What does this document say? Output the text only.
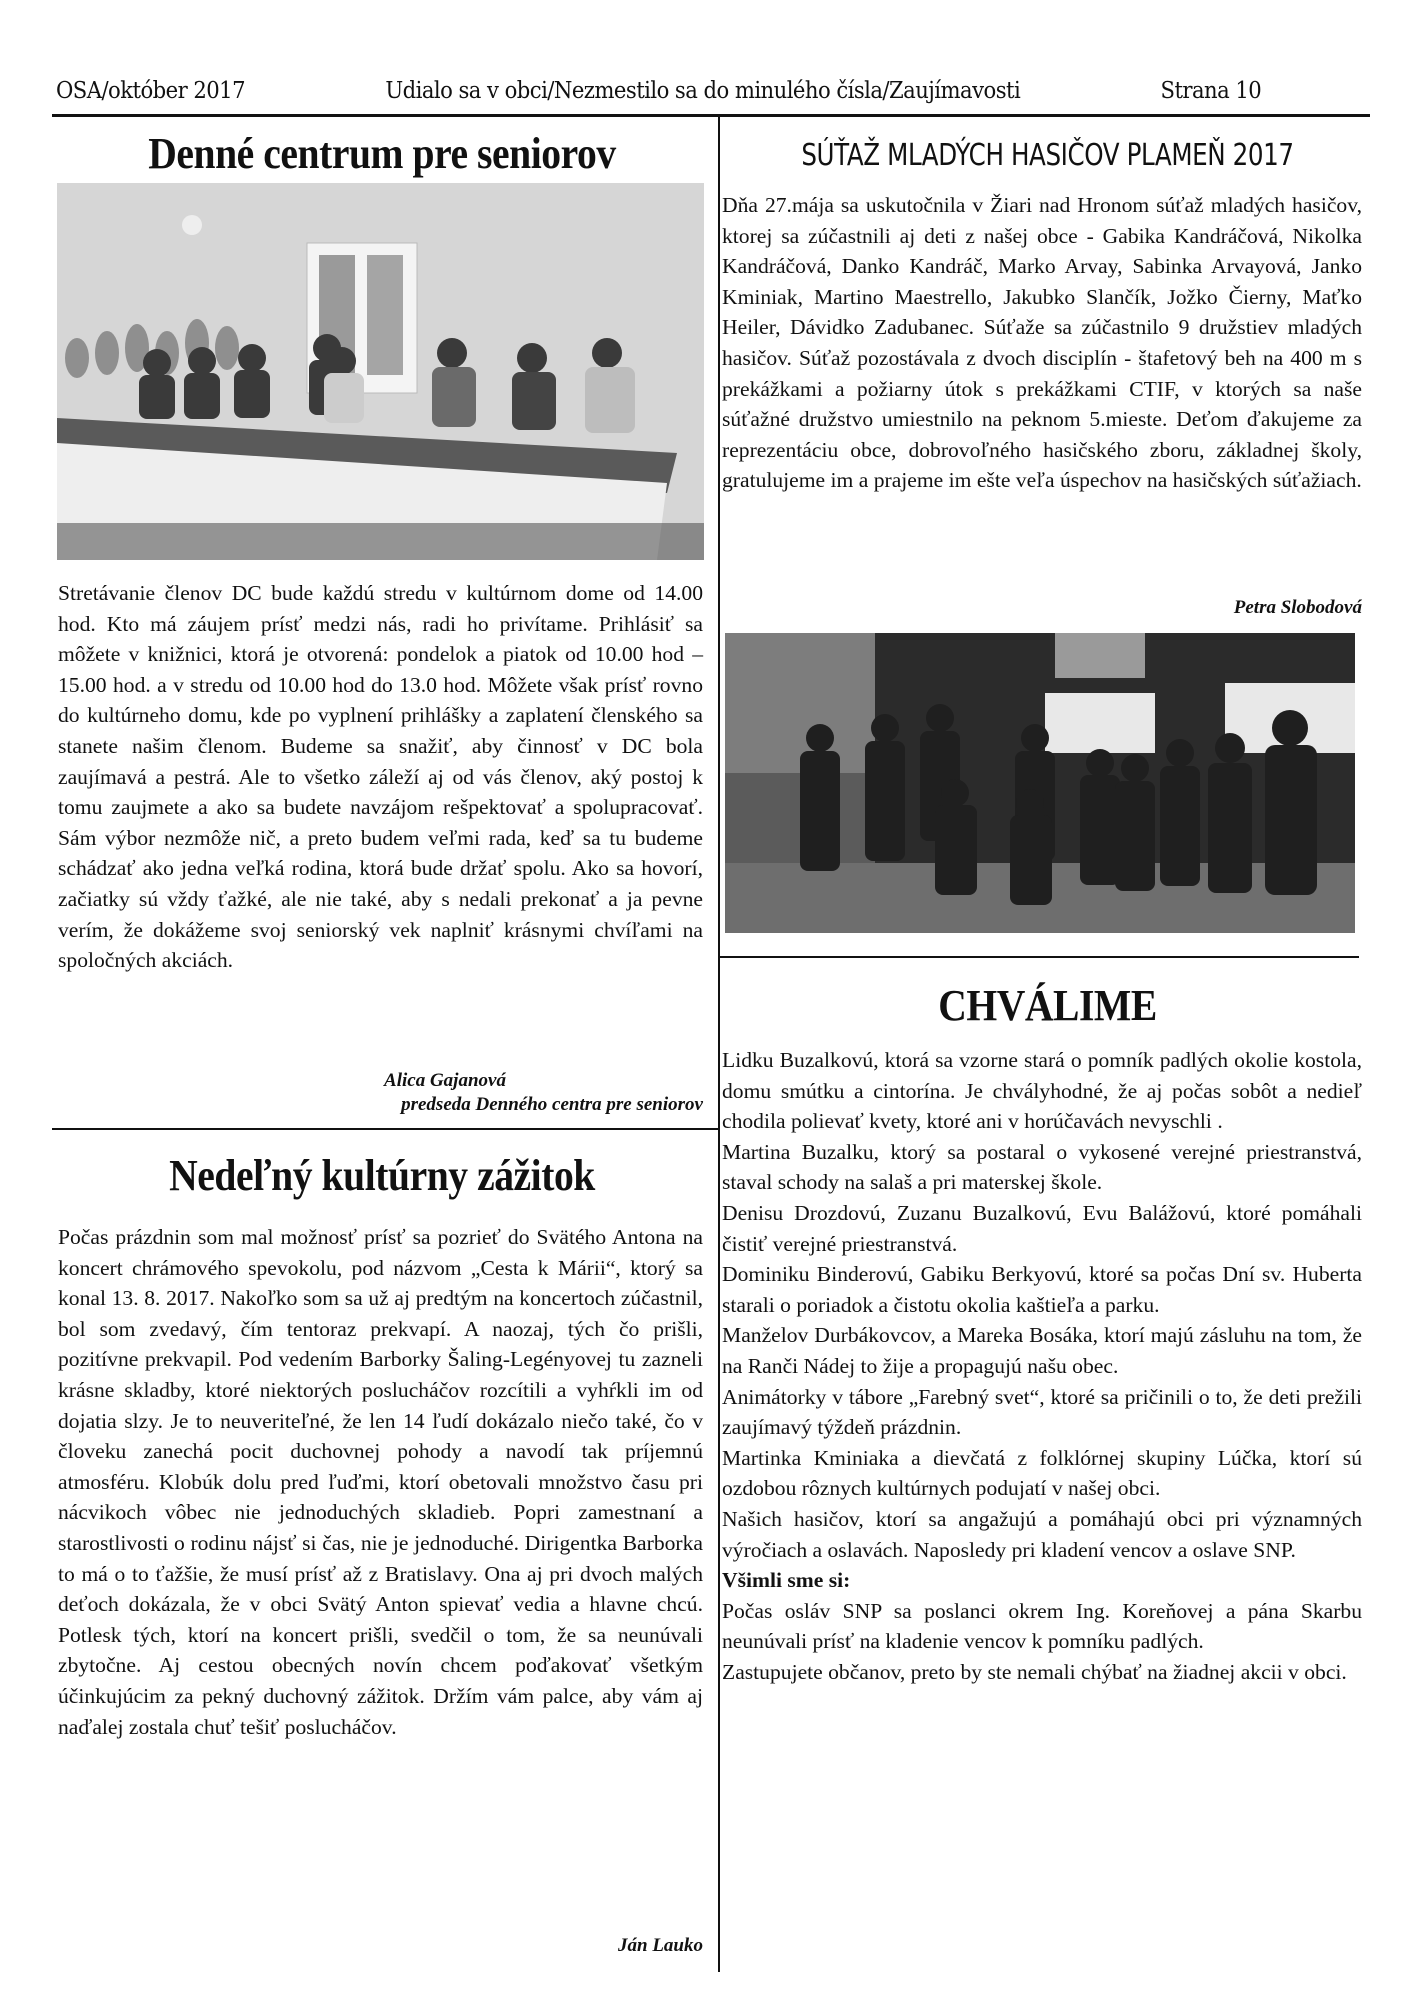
OSA/október 2017	Udialo sa v obci/Nezmestilo sa do minulého čísla/Zaujímavosti	Strana 10
Denné centrum pre seniorov

Stretávanie členov DC bude každú stredu v kultúrnom dome od 14.00 hod. Kto má záujem prísť medzi nás, radi ho privítame. Prihlásiť sa môžete v knižnici, ktorá je otvorená: pondelok a piatok od 10.00 hod – 15.00 hod. a v stredu od 10.00 hod do 13.0 hod. Môžete však prísť rovno do kultúrneho domu, kde po vyplnení prihlášky a zaplatení členského sa stanete našim členom. Budeme sa snažiť, aby činnosť v DC bola zaujímavá a pestrá. Ale to všetko záleží aj od vás členov, aký postoj k tomu zaujmete a ako sa budete navzájom rešpektovať a spolupracovať. Sám výbor nezmôže nič, a preto budem veľmi rada, keď sa tu budeme schádzať ako jedna veľká rodina, ktorá bude držať spolu. Ako sa hovorí, začiatky sú vždy ťažké, ale nie také, aby s nedali prekonať a ja pevne verím, že dokážeme svoj seniorský vek naplniť krásnymi chvíľami na spoločných akciách.

Alica Gajanová
predseda Denného centra pre seniorov
Nedeľný kultúrny zážitok

Počas prázdnin som mal možnosť prísť sa pozrieť do Svätého Antona na koncert chrámového spevokolu, pod názvom „Cesta k Márii“, ktorý sa konal 13. 8. 2017. Nakoľko som sa už aj predtým na koncertoch zúčastnil, bol som zvedavý, čím tentoraz prekvapí. A naozaj, tých čo prišli, pozitívne prekvapil. Pod vedením Barborky Šaling-Legényovej tu zazneli krásne skladby, ktoré niektorých poslucháčov rozcítili a vyhŕkli im od dojatia slzy. Je to neuveriteľné, že len 14 ľudí dokázalo niečo také, čo v človeku zanechá pocit duchovnej pohody a navodí tak príjemnú atmosféru. Klobúk dolu pred ľuďmi, ktorí obetovali množstvo času pri nácvikoch vôbec nie jednoduchých skladieb. Popri zamestnaní a starostlivosti o rodinu nájsť si čas, nie je jednoduché. Dirigentka Barborka to má o to ťažšie, že musí prísť až z Bratislavy. Ona aj pri dvoch malých deťoch dokázala, že v obci Svätý Anton spievať vedia a hlavne chcú. Potlesk tých, ktorí na koncert prišli, svedčil o tom, že sa neunúvali zbytočne. Aj cestou obecných novín chcem poďakovať všetkým účinkujúcim za pekný duchovný zážitok. Držím vám palce, aby vám aj naďalej zostala chuť tešiť poslucháčov.

Ján Lauko
SÚŤAŽ MLADÝCH HASIČOV PLAMEŇ 2017

Dňa 27.mája sa uskutočnila v Žiari nad Hronom súťaž mladých hasičov, ktorej sa zúčastnili aj deti z našej obce - Gabika Kandráčová, Nikolka Kandráčová, Danko Kandráč, Marko Arvay, Sabinka Arvayová, Janko Kminiak, Martino Maestrello, Jakubko Slančík, Jožko Čierny, Maťko Heiler, Dávidko Zadubanec. Súťaže sa zúčastnilo 9 družstiev mladých hasičov. Súťaž pozostávala z dvoch disciplín - štafetový beh na 400 m s prekážkami a požiarny útok s prekážkami CTIF, v ktorých sa naše súťažné družstvo umiestnilo na peknom 5.mieste. Deťom ďakujeme za reprezentáciu obce, dobrovoľného hasičského zboru, základnej školy, gratulujeme im a prajeme im ešte veľa úspechov na hasičských súťažiach.

Petra Slobodová
CHVÁLIME

Lidku Buzalkovú, ktorá sa vzorne stará o pomník padlých okolie kostola, domu smútku a cintorína. Je chvályhodné, že aj počas sobôt a nedieľ chodila polievať kvety, ktoré ani v horúčavách nevyschli .

Martina Buzalku, ktorý sa postaral o vykosené verejné priestranstvá, staval schody na salaš a pri materskej škole.

Denisu Drozdovú, Zuzanu Buzalkovú, Evu Balážovú, ktoré pomáhali čistiť verejné priestranstvá.

Dominiku Binderovú, Gabiku Berkyovú, ktoré sa počas Dní sv. Huberta starali o poriadok a čistotu okolia kaštieľa a parku.

Manželov Durbákovcov, a Mareka Bosáka, ktorí majú zásluhu na tom, že na Ranči Nádej to žije a propagujú našu obec.

Animátorky v tábore „Farebný svet“, ktoré sa pričinili o to, že deti prežili zaujímavý týždeň prázdnin.

Martinka Kminiaka a dievčatá z folklórnej skupiny Lúčka, ktorí sú ozdobou rôznych kultúrnych podujatí v našej obci.

Našich hasičov, ktorí sa angažujú a pomáhajú obci pri významných výročiach a oslavách. Naposledy pri kladení vencov a oslave SNP.

Všimli sme si:

Počas osláv SNP sa poslanci okrem Ing. Koreňovej a pána Skarbu neunúvali prísť na kladenie vencov k pomníku padlých.

Zastupujete občanov, preto by ste nemali chýbať na žiadnej akcii v obci.
